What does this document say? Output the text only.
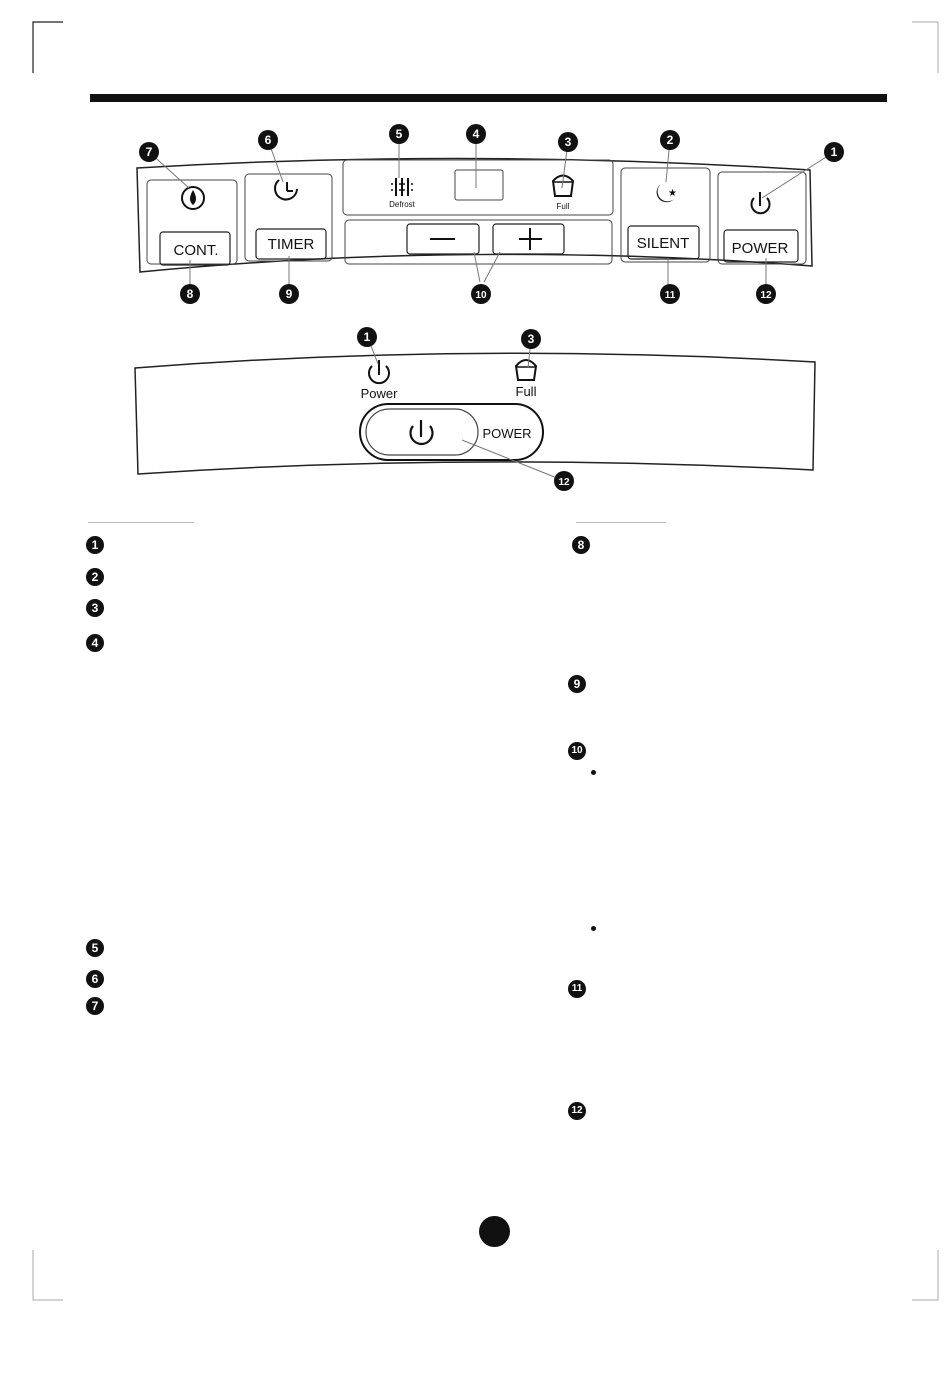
Defrost	Full
★
CONT.	TIMER	SILENT	POWER
7
6	5	4
3	2
1
8	9	10	11	12
Power	Full
POWER
1	3
12
1
2
3
4
5
6
7
8
9
10
11
12
